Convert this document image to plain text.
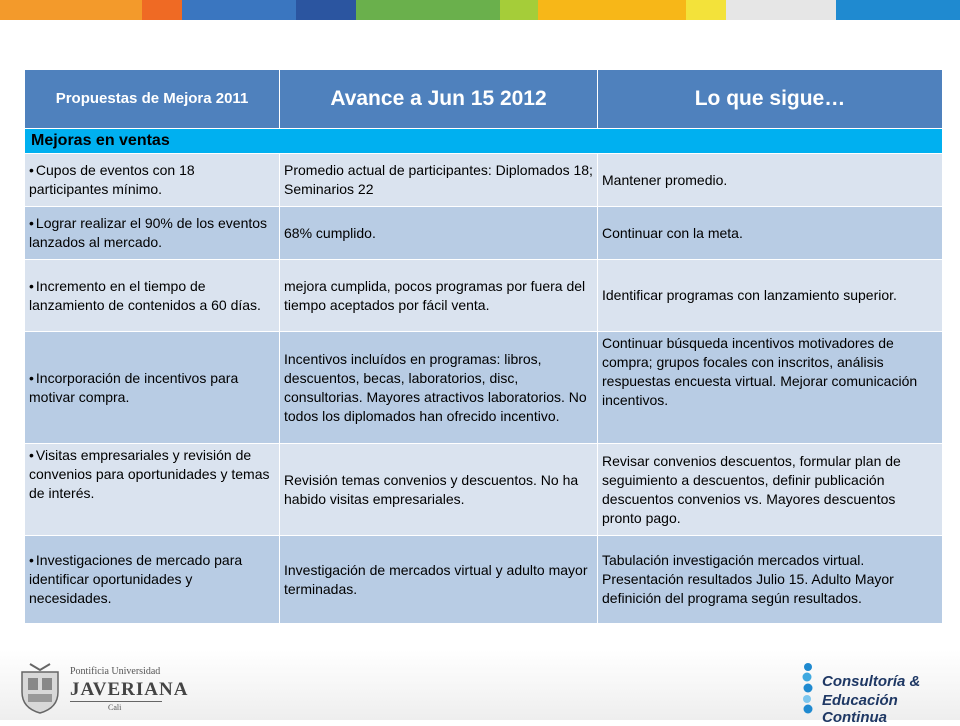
Propuestas de Mejora 2011	Avance a Jun 15 2012	Lo que sigue…
Mejoras en ventas		
• Cupos de eventos con 18 participantes mínimo.	Promedio actual de participantes: Diplomados 18; Seminarios 22	Mantener promedio.
• Lograr realizar el 90% de los eventos lanzados al mercado.	68% cumplido.	Continuar con la meta.
• Incremento en el tiempo de lanzamiento de contenidos a 60 días.	mejora cumplida, pocos programas por fuera del tiempo aceptados por fácil venta.	Identificar programas con lanzamiento superior.
• Incorporación de incentivos para motivar compra.	Incentivos incluídos en programas: libros, descuentos, becas, laboratorios, disc, consultorias. Mayores atractivos laboratorios. No todos los diplomados han ofrecido incentivo.	Continuar búsqueda incentivos motivadores de compra; grupos focales con inscritos, análisis respuestas encuesta virtual. Mejorar comunicación incentivos.
• Visitas empresariales y revisión de convenios para oportunidades y temas de interés.	Revisión temas convenios y descuentos. No ha habido visitas empresariales.	Revisar convenios descuentos, formular plan de seguimiento a descuentos, definir publicación descuentos convenios vs. Mayores descuentos pronto pago.
• Investigaciones de mercado para identificar oportunidades y necesidades.	Investigación de mercados virtual y adulto mayor terminadas.	Tabulación investigación mercados virtual. Presentación resultados Julio 15. Adulto Mayor definición del programa según resultados.
Pontificia Universidad
JAVERIANA
Cali
Consultoría &
Educación Continua
